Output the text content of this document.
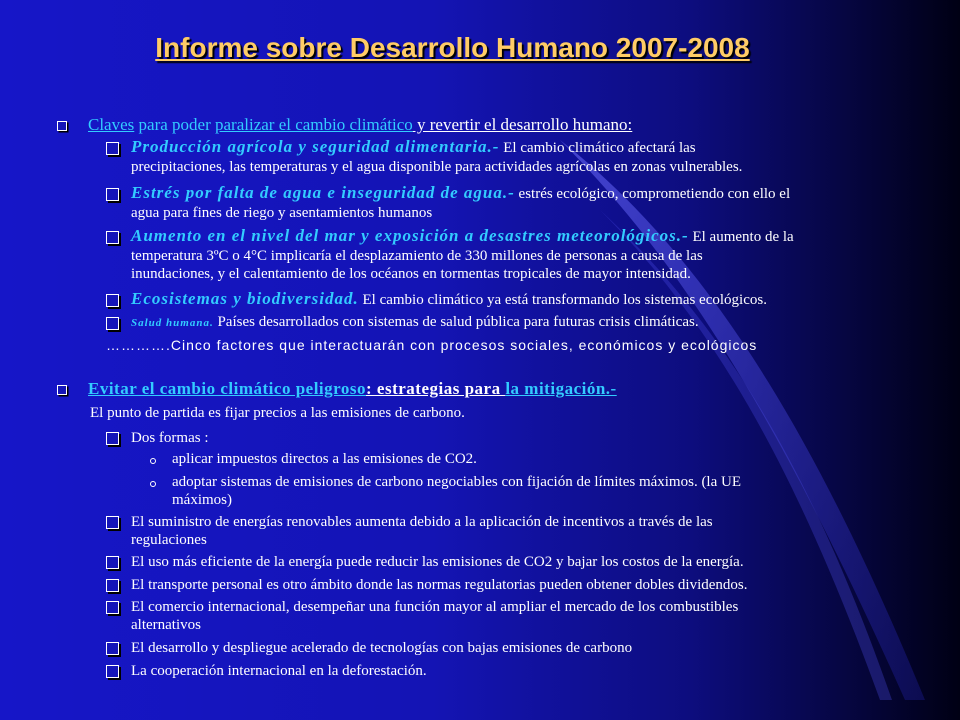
Informe sobre Desarrollo Humano 2007-2008
Claves para poder paralizar el cambio climático y revertir el desarrollo humano:
Producción agrícola y seguridad alimentaria.- El cambio climático afectará las
precipitaciones, las temperaturas y el agua disponible para actividades agrícolas en zonas vulnerables.
Estrés por falta de agua e inseguridad de agua.- estrés ecológico, comprometiendo con ello el
agua para fines de riego y asentamientos humanos
Aumento en el nivel del mar y exposición a desastres meteorológicos.- El aumento de la
temperatura 3ºC o 4°C implicaría el desplazamiento de 330 millones de personas a causa de las
inundaciones, y el calentamiento de los océanos en tormentas tropicales de mayor intensidad.
Ecosistemas y biodiversidad. El cambio climático ya está transformando los sistemas ecológicos.
Salud humana. Países desarrollados con sistemas de salud pública para futuras crisis climáticas.
………….Cinco factores que interactuarán con procesos sociales, económicos y ecológicos
Evitar el cambio climático peligroso: estrategias para la mitigación.-
El punto de partida es fijar precios a las emisiones de carbono.
Dos formas :
aplicar impuestos directos a las emisiones de CO2.
adoptar sistemas de emisiones de carbono negociables con fijación de límites máximos. (la UE
máximos)
El suministro de energías renovables aumenta debido a la aplicación de incentivos a través de las
regulaciones
El uso más eficiente de la energía puede reducir las emisiones de CO2 y bajar los costos de la energía.
El transporte personal es otro ámbito donde las normas regulatorias pueden obtener dobles dividendos.
El comercio internacional, desempeñar una función mayor al ampliar el mercado de los combustibles
alternativos
El desarrollo y despliegue acelerado de tecnologías con bajas emisiones de carbono
La cooperación internacional en la deforestación.
